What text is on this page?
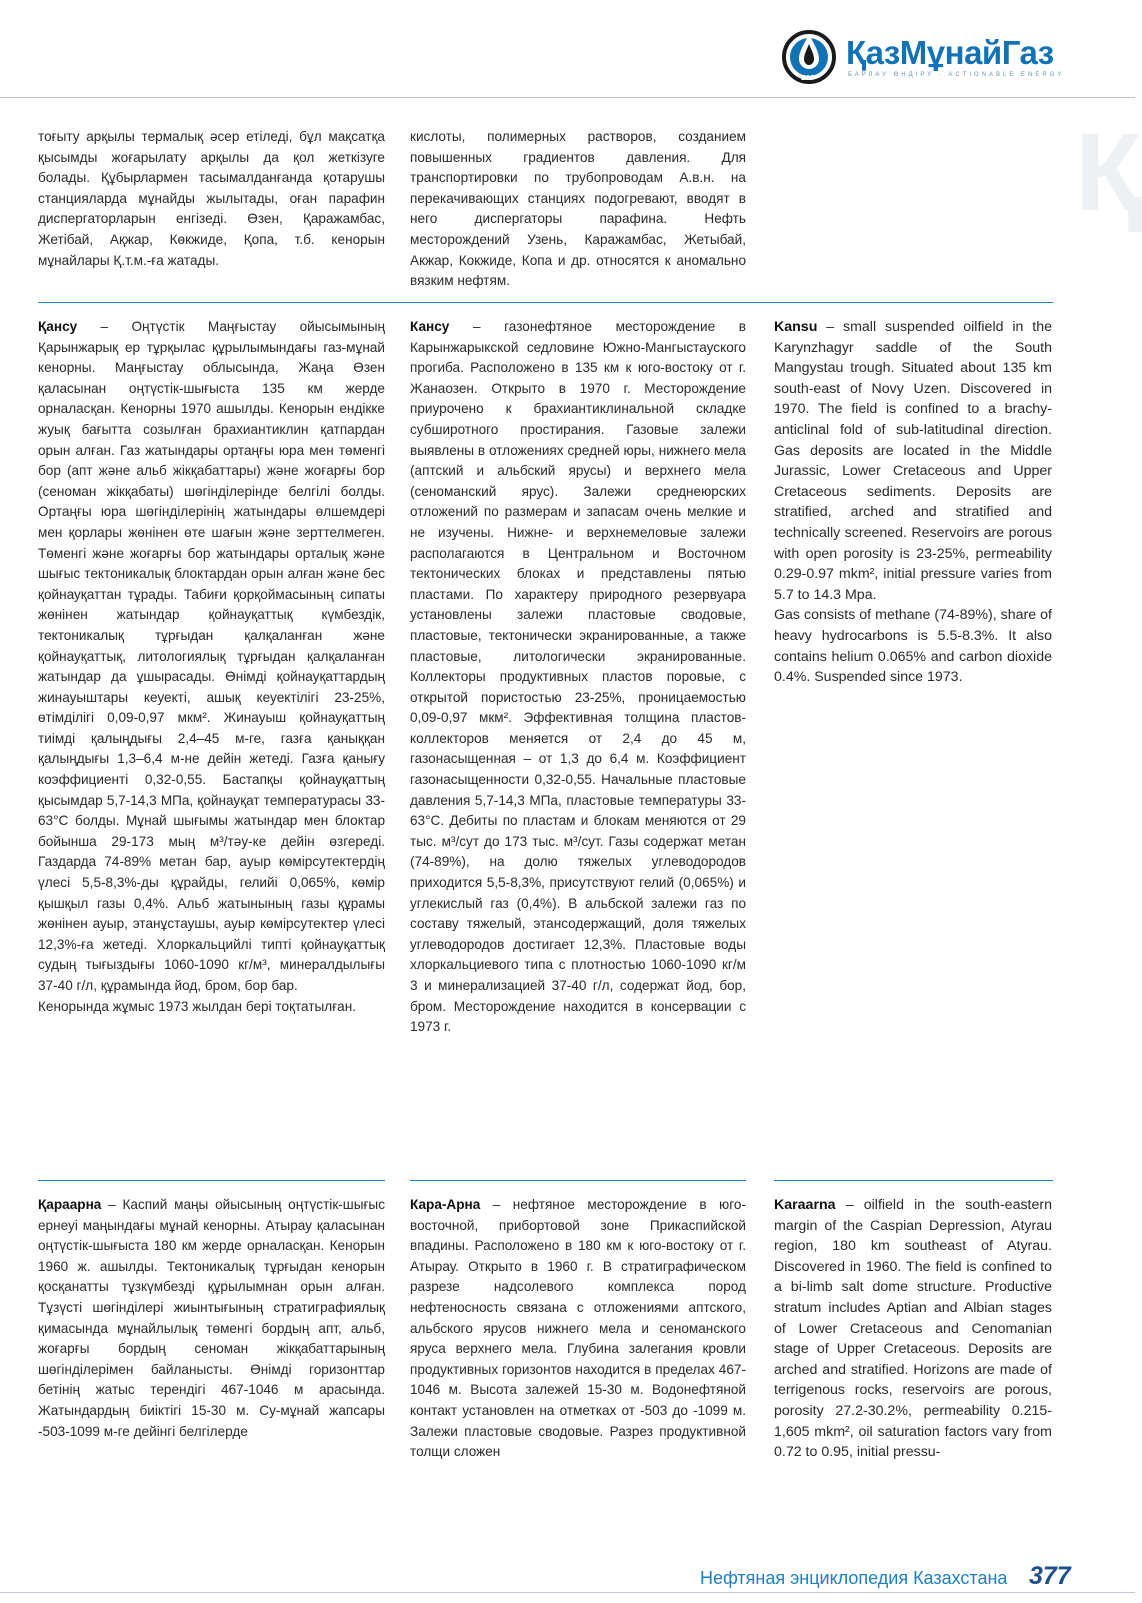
E&P
ҚазМұнайГаз
БАРЛАУ ӨНДІРУ · ACTIONABLE ENERGY
Қ

тоғыту арқылы термалық әсер етіледі, бұл мақсатқа қысымды жоғарылату арқылы да қол жеткізуге болады. Құбырлармен тасымалданғанда қотарушы станцияларда мұнайды жылытады, оған парафин диспергаторларын енгізеді. Өзен, Қаражамбас, Жетібай, Ақжар, Көкжиде, Қопа, т.б. кенорын мұнайлары Қ.т.м.-ға жатады.

кислоты, полимерных растворов, созданием повышенных градиентов давления. Для транспортировки по трубопроводам А.в.н. на перекачивающих станциях подогревают, вводят в него диспергаторы парафина. Нефть месторождений Узень, Каражамбас, Жетыбай, Акжар, Кокжиде, Копа и др. относятся к аномально вязким нефтям.

Қансу – Оңтүстік Маңғыстау ойысымының Қарынжарық ер тұрқылас құрылымындағы газ-мұнай кенорны. Маңғыстау облысында, Жаңа Өзен қаласынан оңтүстік-шығыста 135 км жерде орналасқан. Кенорны 1970 ашылды. Кенорын ендікке жуық бағытта созылған брахиантиклин қатпардан орын алған. Газ жатындары ортаңғы юра мен төменгі бор (апт және альб жікқабаттары) және жоғарғы бор (сеноман жікқабаты) шөгінділерінде белгілі болды. Ортаңғы юра шөгінділерінің жатындары өлшемдері мен қорлары жөнінен өте шағын және зерттелмеген. Төменгі және жоғарғы бор жатындары орталық және шығыс тектоникалық блоктардан орын алған және бес қойнауқаттан тұрады. Табиғи қорқоймасының сипаты жөнінен жатындар қойнауқаттық күмбездік, тектоникалық тұрғыдан қалқаланған және қойнауқаттық, литологиялық тұрғыдан қалқаланған жатындар да ұшырасады. Өнімді қойнауқаттардың жинауыштары кеуекті, ашық кеуектілігі 23-25%, өтімділігі 0,09-0,97 мкм². Жинауыш қойнауқаттың тиімді қалыңдығы 2,4–45 м-ге, газға қаныққан қалыңдығы 1,3–6,4 м-не дейін жетеді. Газға қанығу коэффициенті 0,32-0,55. Бастапқы қойнауқаттың қысымдар 5,7-14,3 МПа, қойнауқат температурасы 33-63°С болды. Мұнай шығымы жатындар мен блоктар бойынша 29-173 мың м³/тәу-ке дейін өзгереді. Газдарда 74-89% метан бар, ауыр көмірсутектердің үлесі 5,5-8,3%-ды құрайды, гелийі 0,065%, көмір қышқыл газы 0,4%. Альб жатынының газы құрамы жөнінен ауыр, этанұстаушы, ауыр көмірсутектер үлесі 12,3%-ға жетеді. Хлоркальцийлі типті қойнауқаттық судың тығыздығы 1060-1090 кг/м³, минералдылығы 37-40 г/л, құрамында йод, бром, бор бар.

Кенорында жұмыс 1973 жылдан бері тоқтатылған.

Кансу – газонефтяное месторождение в Карынжарыкской седловине Южно-Мангыстауского прогиба. Расположено в 135 км к юго-востоку от г. Жанаозен. Открыто в 1970 г. Месторождение приурочено к брахиантиклинальной складке субширотного простирания. Газовые залежи выявлены в отложениях средней юры, нижнего мела (аптский и альбский ярусы) и верхнего мела (сеноманский ярус). Залежи среднеюрских отложений по размерам и запасам очень мелкие и не изучены. Нижне- и верхнемеловые залежи располагаются в Центральном и Восточном тектонических блоках и представлены пятью пластами. По характеру природного резервуара установлены залежи пластовые сводовые, пластовые, тектонически экранированные, а также пластовые, литологически экранированные. Коллекторы продуктивных пластов поровые, с открытой пористостью 23-25%, проницаемостью 0,09-0,97 мкм². Эффективная толщина пластов-коллекторов меняется от 2,4 до 45 м, газонасыщенная – от 1,3 до 6,4 м. Коэффициент газонасыщенности 0,32-0,55. Начальные пластовые давления 5,7-14,3 МПа, пластовые температуры 33-63°С. Дебиты по пластам и блокам меняются от 29 тыс. м³/сут до 173 тыс. м³/сут. Газы содержат метан (74-89%), на долю тяжелых углеводородов приходится 5,5-8,3%, присутствуют гелий (0,065%) и углекислый газ (0,4%). В альбской залежи газ по составу тяжелый, этансодержащий, доля тяжелых углеводородов достигает 12,3%. Пластовые воды хлоркальциевого типа с плотностью 1060-1090 кг/м 3 и минерализацией 37-40 г/л, содержат йод, бор, бром. Месторождение находится в консервации с 1973 г.

Kansu – small suspended oilfield in the Karynzhagyr saddle of the South Mangystau trough. Situated about 135 km south-east of Novy Uzen. Discovered in 1970. The field is confined to a brachy- anticlinal fold of sub-latitudinal direction. Gas deposits are located in the Middle Jurassic, Lower Cretaceous and Upper Cretaceous sediments. Deposits are stratified, arched and stratified and technically screened. Reservoirs are porous with open porosity is 23-25%, permeability 0.29-0.97 mkm², initial pressure varies from 5.7 to 14.3 Mpa.

Gas consists of methane (74-89%), share of heavy hydrocarbons is 5.5-8.3%. It also contains helium 0.065% and carbon dioxide 0.4%. Suspended since 1973.

Қараарна – Каспий маңы ойысының оңтүстік-шығыс ернеуі маңындағы мұнай кенорны. Атырау қаласынан оңтүстік-шығыста 180 км жерде орналасқан. Кенорын 1960 ж. ашылды. Тектоникалық тұрғыдан кенорын қосқанатты тұзкүмбезді құрылымнан орын алған. Тұзүсті шөгінділері жиынтығының стратиграфиялық қимасында мұнайлылық төменгі бордың апт, альб, жоғарғы бордың сеноман жікқабаттарының шөгінділерімен байланысты. Өнімді горизонттар бетінің жатыс терендігі 467-1046 м арасында. Жатындардың биіктігі 15-30 м. Су-мұнай жапсары -503-1099 м-ге дейінгі белгілерде

Кара-Арна – нефтяное месторождение в юго-восточной, прибортовой зоне Прикаспийской впадины. Расположено в 180 км к юго-востоку от г. Атырау. Открыто в 1960 г. В стратиграфическом разрезе надсолевого комплекса пород нефтеносность связана с отложениями аптского, альбского ярусов нижнего мела и сеноманского яруса верхнего мела. Глубина залегания кровли продуктивных горизонтов находится в пределах 467-1046 м. Высота залежей 15-30 м. Водонефтяной контакт установлен на отметках от -503 до -1099 м. Залежи пластовые сводовые. Разрез продуктивной толщи сложен

Karaarna – oilfield in the south-eastern margin of the Caspian Depression, Atyrau region, 180 km southeast of Atyrau. Discovered in 1960. The field is confined to a bi-limb salt dome structure. Productive stratum includes Aptian and Albian stages of Lower Cretaceous and Cenomanian stage of Upper Cretaceous. Deposits are arched and stratified. Horizons are made of terrigenous rocks, reservoirs are porous, porosity 27.2-30.2%, permeability 0.215-1,605 mkm², oil saturation factors vary from 0.72 to 0.95, initial pressu-

Нефтяная энциклопедия Казахстана 377
